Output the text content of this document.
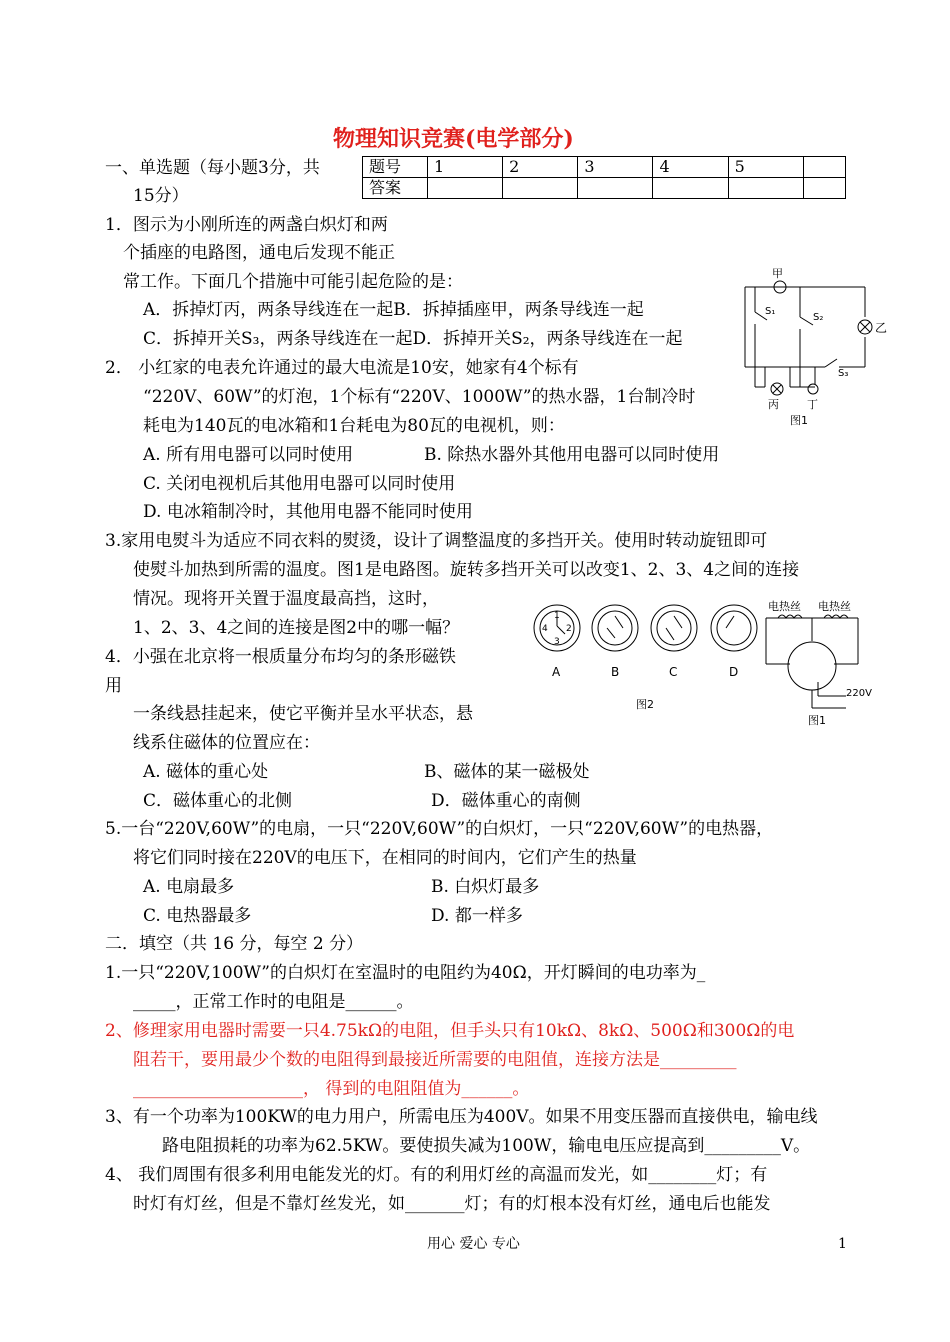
物理知识竞赛(电学部分)
一、单选题（每小题3分，共
15分）
题号	1	2	3	4	5	
答案						
1．图示为小刚所连的两盏白炽灯和两
个插座的电路图，通电后发现不能正
常工作。下面几个措施中可能引起危险的是：
A．拆掉灯丙，两条导线连在一起B．拆掉插座甲，两条导线连一起
C．拆掉开关S₃，两条导线连在一起D．拆掉开关S₂，两条导线连在一起
甲
乙
S₁
S₂
S₃
丙	丁
图1
2． 小红家的电表允许通过的最大电流是10安，她家有4个标有
“220V、60W”的灯泡，1个标有“220V、1000W”的热水器，1台制冷时
耗电为140瓦的电冰箱和1台耗电为80瓦的电视机，则：
A. 所有用电器可以同时使用	B. 除热水器外其他用电器可以同时使用
C. 关闭电视机后其他用电器可以同时使用
D. 电冰箱制冷时，其他用电器不能同时使用
3.家用电熨斗为适应不同衣料的熨烫，设计了调整温度的多挡开关。使用时转动旋钮即可
使熨斗加热到所需的温度。图1是电路图。旋转多挡开关可以改变1、2、3、4之间的连接
情况。现将开关置于温度最高挡，这时，
1、2、3、4之间的连接是图2中的哪一幅？
1
2
3
4
A	B	C	D
图2
电热丝 电热丝
220V
图1
4．小强在北京将一根质量分布均匀的条形磁铁
用
一条线悬挂起来，使它平衡并呈水平状态，悬
线系住磁体的位置应在：
A. 磁体的重心处	B、磁体的某一磁极处
C．磁体重心的北侧	D．磁体重心的南侧
5.一台“220V,60W”的电扇，一只“220V,60W”的白炽灯，一只“220V,60W”的电热器，
将它们同时接在220V的电压下，在相同的时间内，它们产生的热量
A. 电扇最多	B. 白炽灯最多
C. 电热器最多	D. 都一样多
二．填空（共 16 分，每空 2 分）
1.一只“220V,100W”的白炽灯在室温时的电阻约为40Ω，开灯瞬间的电功率为_
_____，正常工作时的电阻是______。
2、修理家用电器时需要一只4.75kΩ的电阻，但手头只有10kΩ、8kΩ、500Ω和300Ω的电
阻若干，要用最少个数的电阻得到最接近所需要的电阻值，连接方法是_________
____________________， 得到的电阻阻值为______。
3、有一个功率为100KW的电力用户，所需电压为400V。如果不用变压器而直接供电，输电线
路电阻损耗的功率为62.5KW。要使损失减为100W，输电电压应提高到_________V。
4、 我们周围有很多利用电能发光的灯。有的利用灯丝的高温而发光，如________灯；有
时灯有灯丝，但是不靠灯丝发光，如_______灯；有的灯根本没有灯丝，通电后也能发
用心 爱心 专心	1
